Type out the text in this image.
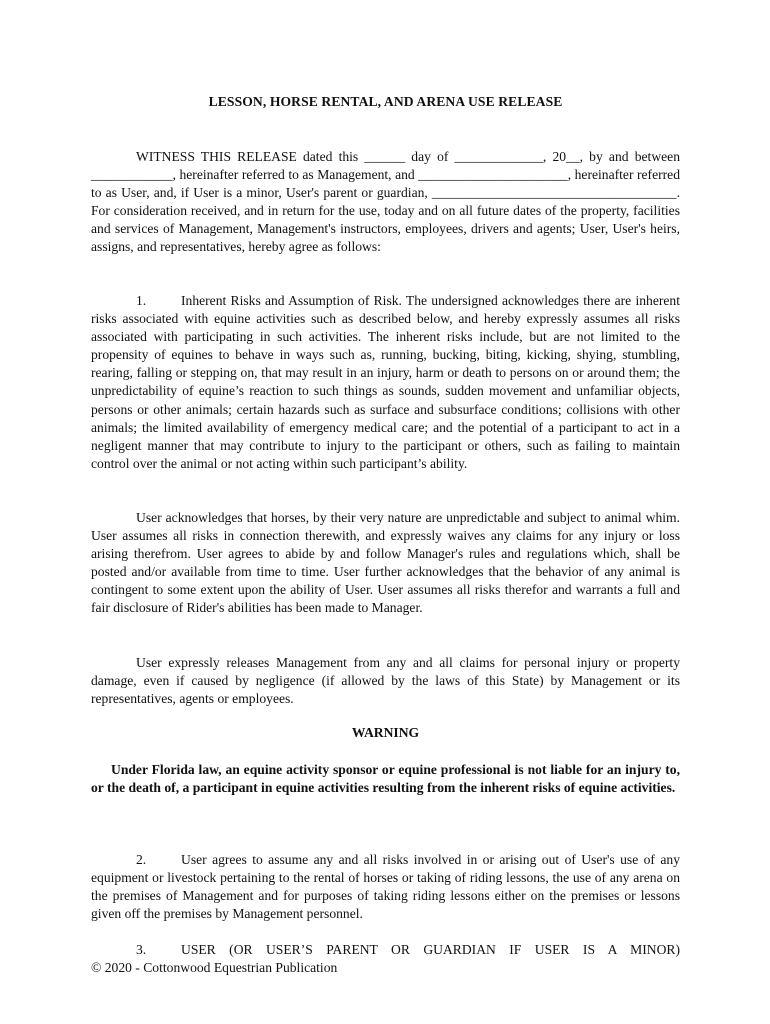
LESSON, HORSE RENTAL, AND ARENA USE RELEASE

WITNESS THIS RELEASE dated this ______ day of _____________, 20__, by and between ____________, hereinafter referred to as Management, and ______________________, hereinafter referred to as User, and, if User is a minor, User's parent or guardian, ____________________________________. For consideration received, and in return for the use, today and on all future dates of the property, facilities and services of Management, Management's instructors, employees, drivers and agents; User, User's heirs, assigns, and representatives, hereby agree as follows:

1.	Inherent Risks and Assumption of Risk. The undersigned acknowledges there are inherent risks associated with equine activities such as described below, and hereby expressly assumes all risks associated with participating in such activities. The inherent risks include, but are not limited to the propensity of equines to behave in ways such as, running, bucking, biting, kicking, shying, stumbling, rearing, falling or stepping on, that may result in an injury, harm or death to persons on or around them; the unpredictability of equine’s reaction to such things as sounds, sudden movement and unfamiliar objects, persons or other animals; certain hazards such as surface and subsurface conditions; collisions with other animals; the limited availability of emergency medical care; and the potential of a participant to act in a negligent manner that may contribute to injury to the participant or others, such as failing to maintain control over the animal or not acting within such participant’s ability.

User acknowledges that horses, by their very nature are unpredictable and subject to animal whim. User assumes all risks in connection therewith, and expressly waives any claims for any injury or loss arising therefrom. User agrees to abide by and follow Manager's rules and regulations which, shall be posted and/or available from time to time. User further acknowledges that the behavior of any animal is contingent to some extent upon the ability of User. User assumes all risks therefor and warrants a full and fair disclosure of Rider's abilities has been made to Manager.

User expressly releases Management from any and all claims for personal injury or property damage, even if caused by negligence (if allowed by the laws of this State) by Management or its representatives, agents or employees.

WARNING

Under Florida law, an equine activity sponsor or equine professional is not liable for an injury to, or the death of, a participant in equine activities resulting from the inherent risks of equine activities.

2.	User agrees to assume any and all risks involved in or arising out of User's use of any equipment or livestock pertaining to the rental of horses or taking of riding lessons, the use of any arena on the premises of Management and for purposes of taking riding lessons either on the premises or lessons given off the premises by Management personnel.

3.	USER (OR USER’S PARENT OR GUARDIAN IF USER IS A MINOR)

© 2020 - Cottonwood Equestrian Publication
